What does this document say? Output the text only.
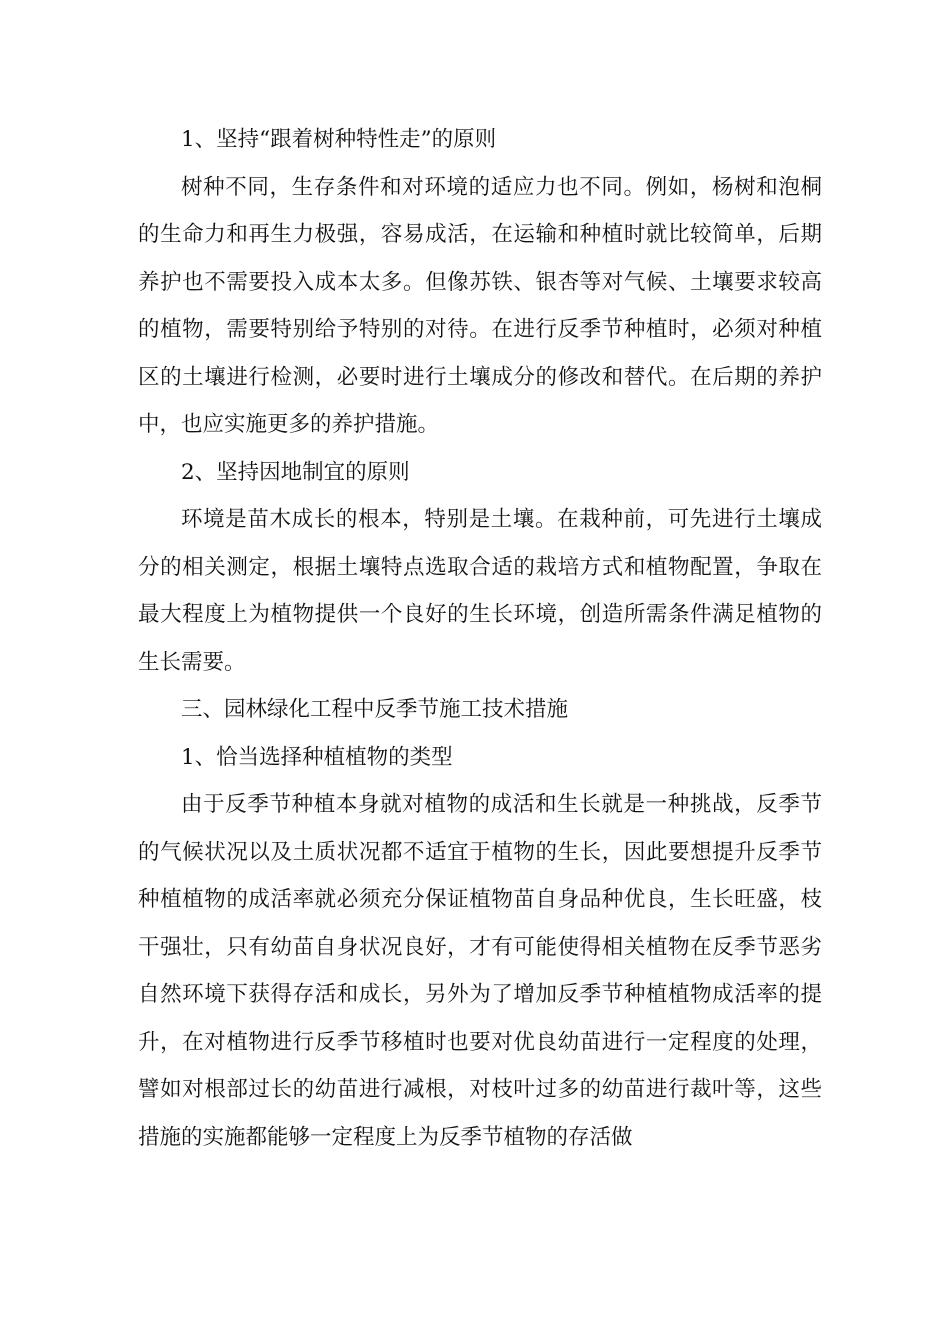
1、坚持“跟着树种特性走”的原则

树种不同，生存条件和对环境的适应力也不同。例如，杨树和泡桐的生命力和再生力极强，容易成活，在运输和种植时就比较简单，后期养护也不需要投入成本太多。但像苏铁、银杏等对气候、土壤要求较高的植物，需要特别给予特别的对待。在进行反季节种植时，必须对种植区的土壤进行检测，必要时进行土壤成分的修改和替代。在后期的养护中，也应实施更多的养护措施。

2、坚持因地制宜的原则

环境是苗木成长的根本，特别是土壤。在栽种前，可先进行土壤成分的相关测定，根据土壤特点选取合适的栽培方式和植物配置，争取在最大程度上为植物提供一个良好的生长环境，创造所需条件满足植物的生长需要。

三、园林绿化工程中反季节施工技术措施

1、恰当选择种植植物的类型

由于反季节种植本身就对植物的成活和生长就是一种挑战，反季节的气候状况以及土质状况都不适宜于植物的生长，因此要想提升反季节种植植物的成活率就必须充分保证植物苗自身品种优良，生长旺盛，枝干强壮，只有幼苗自身状况良好，才有可能使得相关植物在反季节恶劣自然环境下获得存活和成长，另外为了增加反季节种植植物成活率的提升，在对植物进行反季节移植时也要对优良幼苗进行一定程度的处理，譬如对根部过长的幼苗进行减根，对枝叶过多的幼苗进行裁叶等，这些措施的实施都能够一定程度上为反季节植物的存活做
